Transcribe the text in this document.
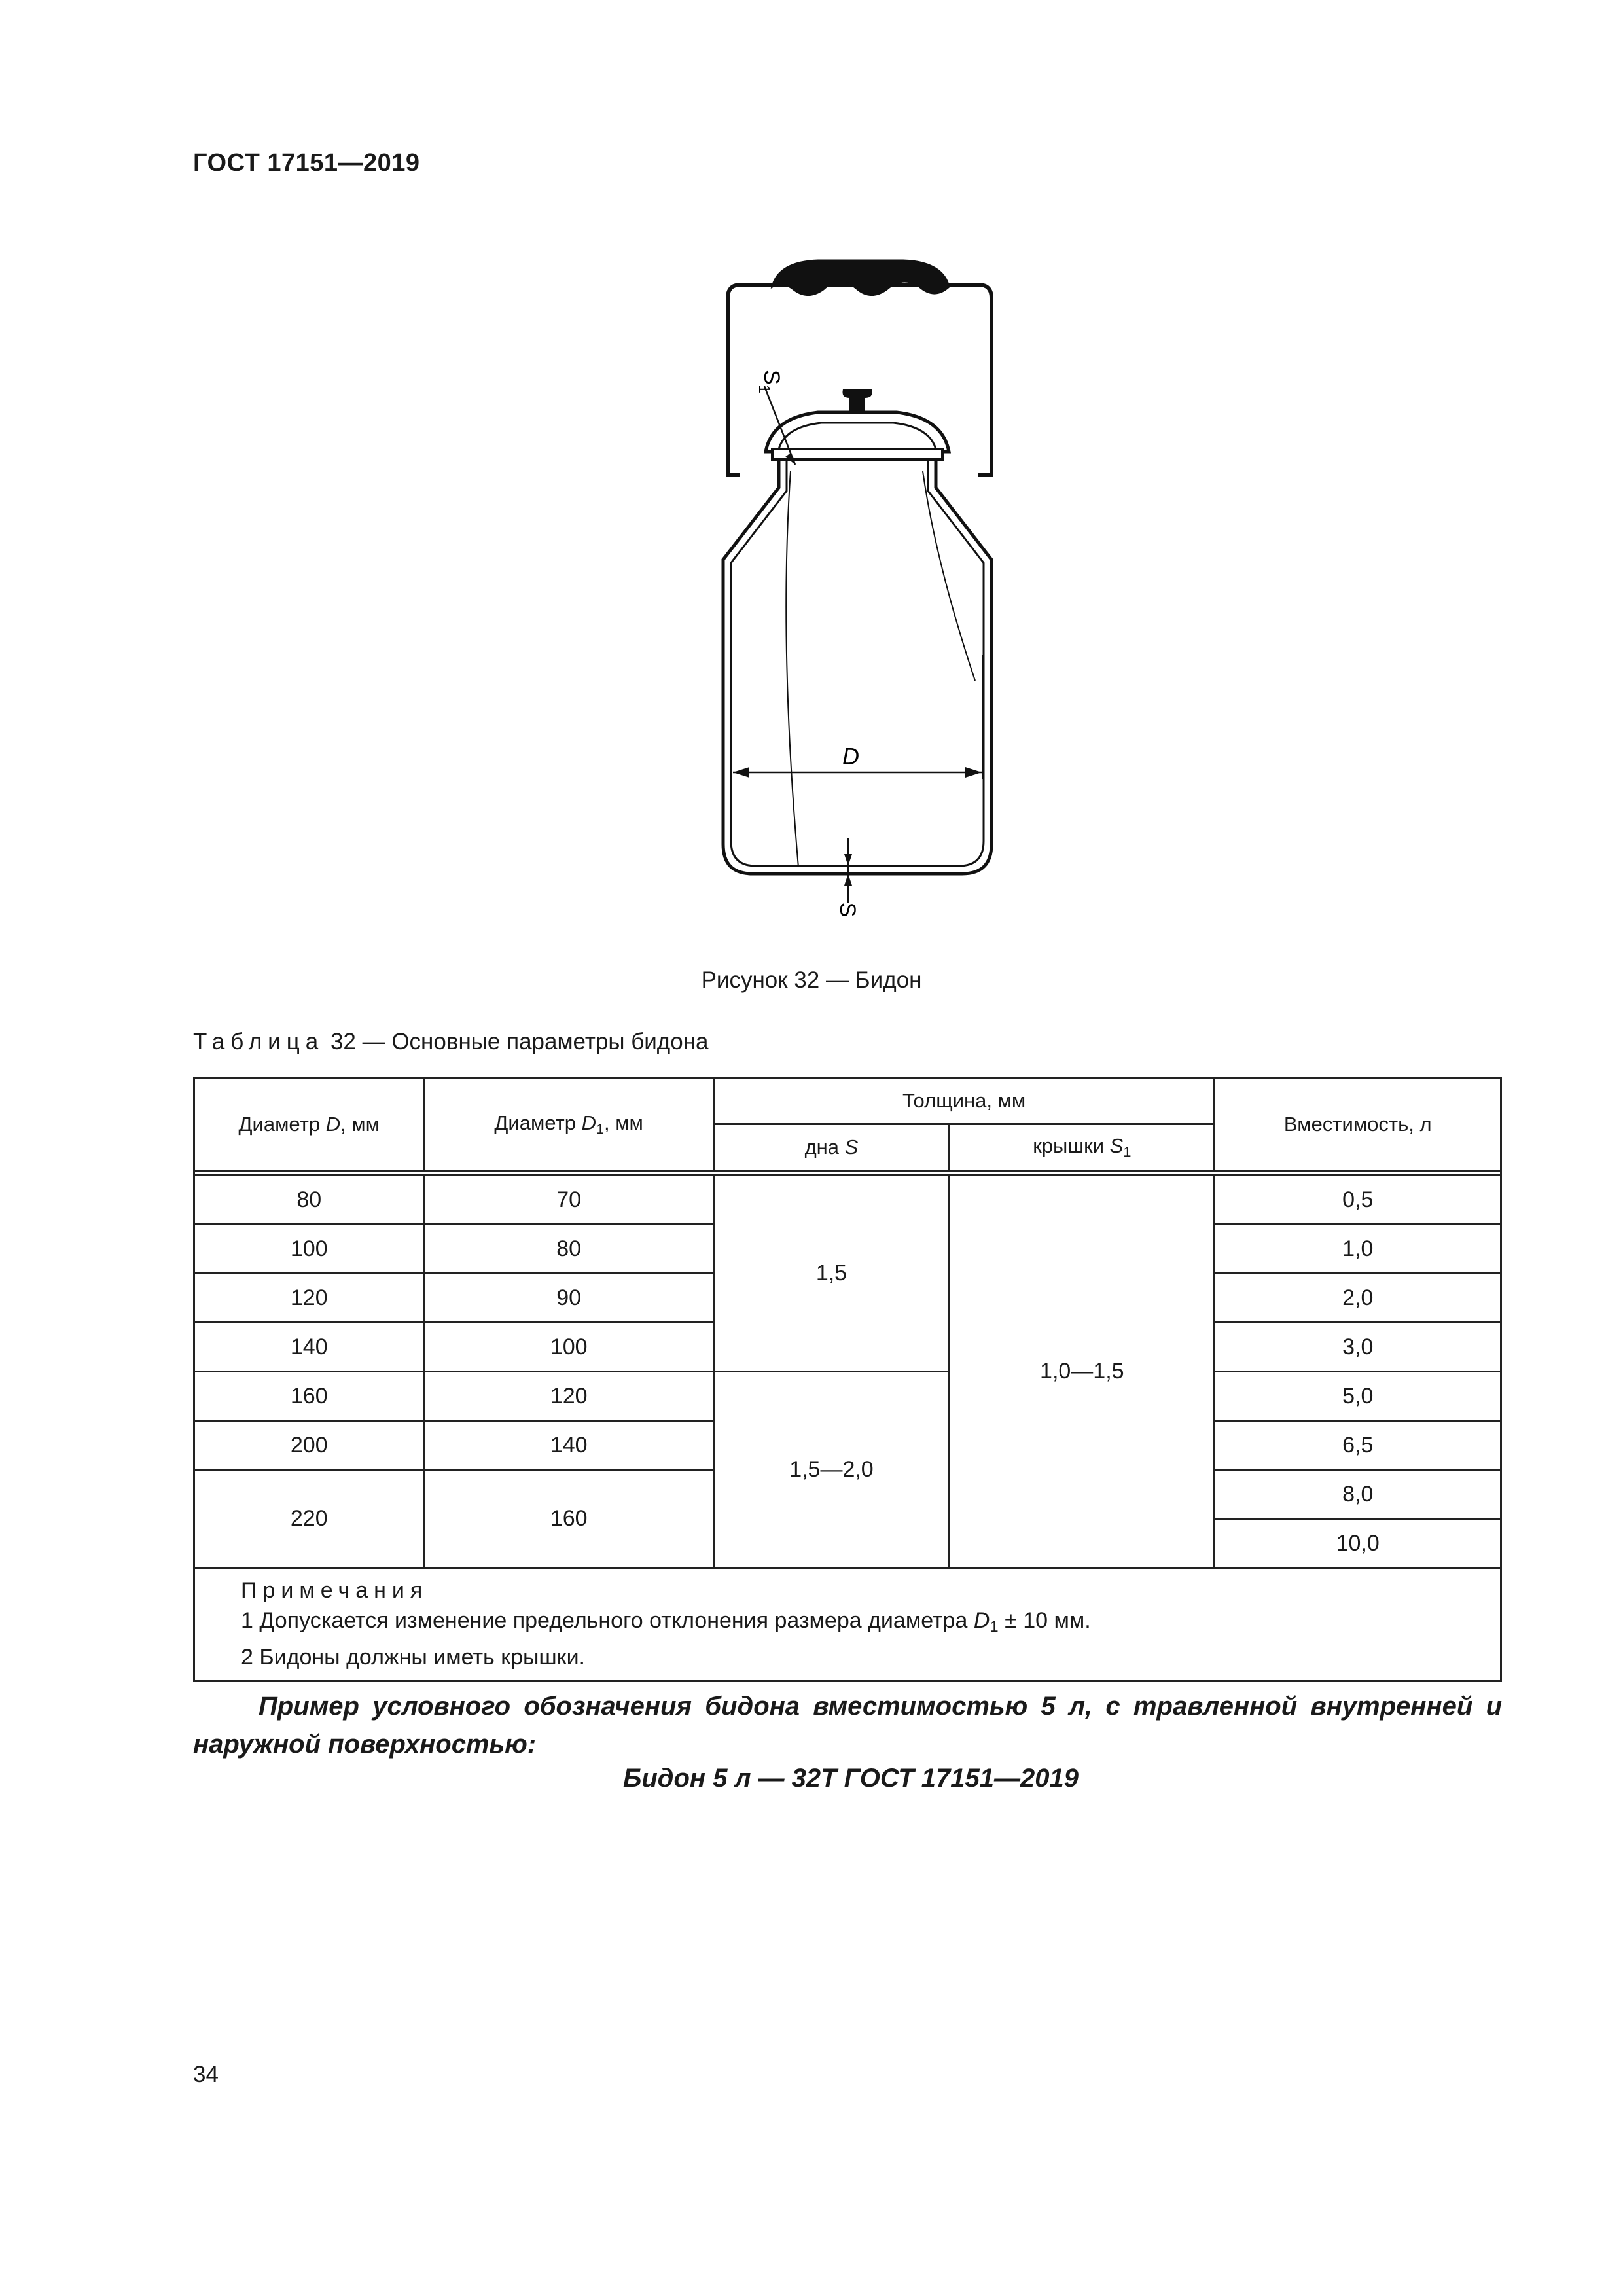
ГОСТ 17151—2019
D
S
$S_1$
Рисунок 32 — Бидон
Таблица 32 — Основные параметры бидона
Диаметр D, мм	Диаметр $D_1$, мм	Толщина, мм		Вместимость, л
		дна S	крышки $S_1$

80	70	1,5	1,0—1,5	0,5
100	80			1,0
120	90			2,0
140	100			3,0
160	120	1,5—2,0		5,0
200	140			6,5
220	160			8,0
				10,0

Примечания
1 Допускается изменение предельного отклонения размера диаметра $D_1 \pm 10$ мм.
2 Бидоны должны иметь крышки.				
Пример условного обозначения бидона вместимостью 5 л, с травленной внутренней и наружной поверхностью:
Бидон 5 л — 32Т ГОСТ 17151—2019
34
